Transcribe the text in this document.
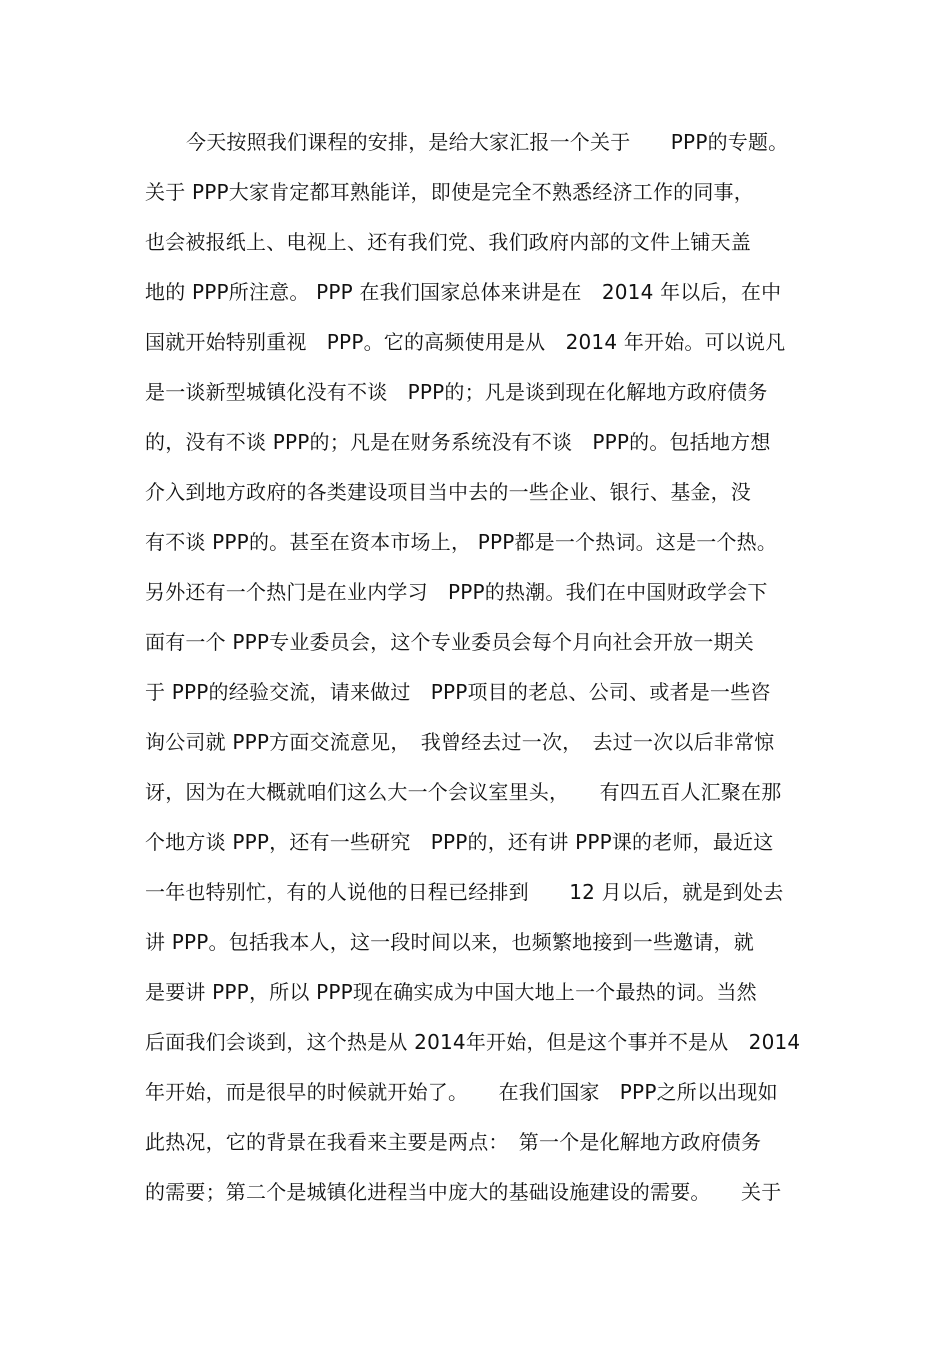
今天按照我们课程的安排，是给大家汇报一个关于　　PPP的专题。
关于 PPP大家肯定都耳熟能详，即使是完全不熟悉经济工作的同事，
也会被报纸上、电视上、还有我们党、我们政府内部的文件上铺天盖
地的 PPP所注意。 PPP 在我们国家总体来讲是在　2014 年以后，在中
国就开始特别重视　PPP。它的高频使用是从　2014 年开始。可以说凡
是一谈新型城镇化没有不谈　PPP的；凡是谈到现在化解地方政府债务
的，没有不谈 PPP的；凡是在财务系统没有不谈　PPP的。包括地方想
介入到地方政府的各类建设项目当中去的一些企业、银行、基金，没
有不谈 PPP的。甚至在资本市场上， PPP都是一个热词。这是一个热。
另外还有一个热门是在业内学习　PPP的热潮。我们在中国财政学会下
面有一个 PPP专业委员会，这个专业委员会每个月向社会开放一期关
于 PPP的经验交流，请来做过　PPP项目的老总、公司、或者是一些咨
询公司就 PPP方面交流意见，　我曾经去过一次，　去过一次以后非常惊
讶，因为在大概就咱们这么大一个会议室里头，　　有四五百人汇聚在那
个地方谈 PPP，还有一些研究　PPP的，还有讲 PPP课的老师，最近这
一年也特别忙，有的人说他的日程已经排到　　12 月以后，就是到处去
讲 PPP。包括我本人，这一段时间以来，也频繁地接到一些邀请，就
是要讲 PPP，所以 PPP现在确实成为中国大地上一个最热的词。当然
后面我们会谈到，这个热是从 2014年开始，但是这个事并不是从　2014
年开始，而是很早的时候就开始了。　　在我们国家　PPP之所以出现如
此热况，它的背景在我看来主要是两点：　第一个是化解地方政府债务
的需要；第二个是城镇化进程当中庞大的基础设施建设的需要。　　关于
